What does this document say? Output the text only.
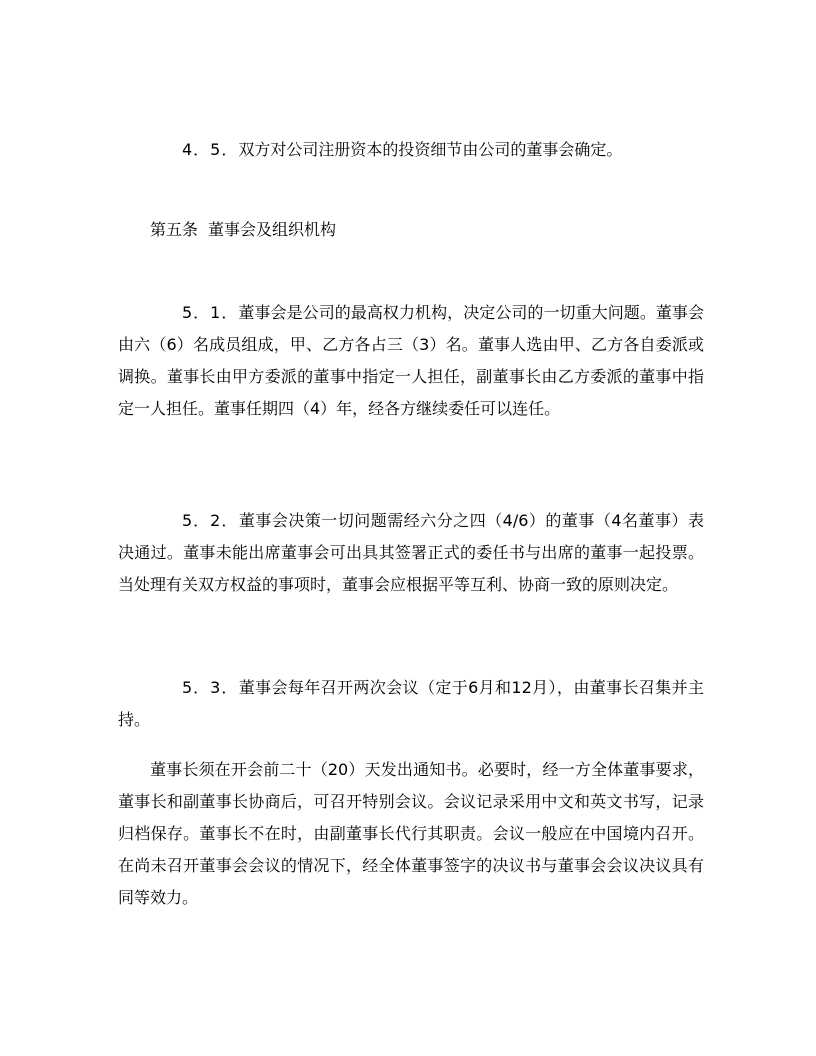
4．5．双方对公司注册资本的投资细节由公司的董事会确定。

第五条 董事会及组织机构

5．1．董事会是公司的最高权力机构，决定公司的一切重大问题。董事会由六（6）名成员组成，甲、乙方各占三（3）名。董事人选由甲、乙方各自委派或调换。董事长由甲方委派的董事中指定一人担任，副董事长由乙方委派的董事中指定一人担任。董事任期四（4）年，经各方继续委任可以连任。

5．2．董事会决策一切问题需经六分之四（4/6）的董事（4名董事）表决通过。董事未能出席董事会可出具其签署正式的委任书与出席的董事一起投票。当处理有关双方权益的事项时，董事会应根据平等互利、协商一致的原则决定。

5．3．董事会每年召开两次会议（定于6月和12月），由董事长召集并主持。

董事长须在开会前二十（20）天发出通知书。必要时，经一方全体董事要求，董事长和副董事长协商后，可召开特别会议。会议记录采用中文和英文书写，记录归档保存。董事长不在时，由副董事长代行其职责。会议一般应在中国境内召开。在尚未召开董事会会议的情况下，经全体董事签字的决议书与董事会会议决议具有同等效力。
